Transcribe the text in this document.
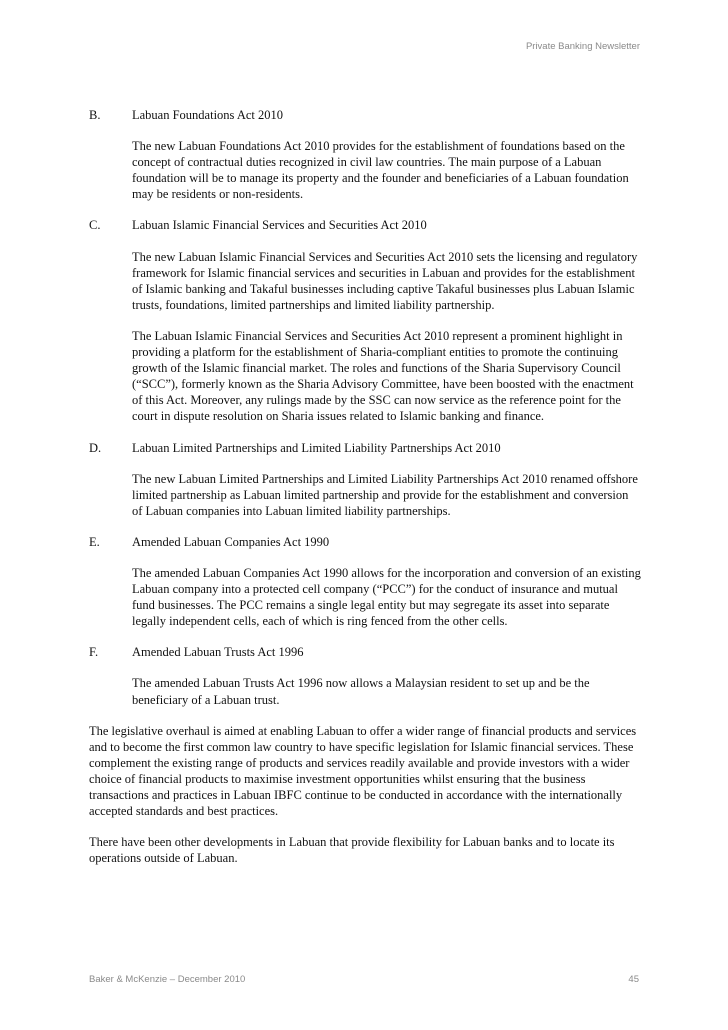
Private Banking Newsletter
B.	Labuan Foundations Act 2010

The new Labuan Foundations Act 2010 provides for the establishment of foundations based on the concept of contractual duties recognized in civil law countries. The main purpose of a Labuan foundation will be to manage its property and the founder and beneficiaries of a Labuan foundation may be residents or non-residents.

C.	Labuan Islamic Financial Services and Securities Act 2010

The new Labuan Islamic Financial Services and Securities Act 2010 sets the licensing and regulatory framework for Islamic financial services and securities in Labuan and provides for the establishment of Islamic banking and Takaful businesses including captive Takaful businesses plus Labuan Islamic trusts, foundations, limited partnerships and limited liability partnership.

The Labuan Islamic Financial Services and Securities Act 2010 represent a prominent highlight in providing a platform for the establishment of Sharia-compliant entities to promote the continuing growth of the Islamic financial market. The roles and functions of the Sharia Supervisory Council (“SCC”), formerly known as the Sharia Advisory Committee, have been boosted with the enactment of this Act. Moreover, any rulings made by the SSC can now service as the reference point for the court in dispute resolution on Sharia issues related to Islamic banking and finance.

D.	Labuan Limited Partnerships and Limited Liability Partnerships Act 2010

The new Labuan Limited Partnerships and Limited Liability Partnerships Act 2010 renamed offshore limited partnership as Labuan limited partnership and provide for the establishment and conversion of Labuan companies into Labuan limited liability partnerships.

E.	Amended Labuan Companies Act 1990

The amended Labuan Companies Act 1990 allows for the incorporation and conversion of an existing Labuan company into a protected cell company (“PCC”) for the conduct of insurance and mutual fund businesses. The PCC remains a single legal entity but may segregate its asset into separate legally independent cells, each of which is ring fenced from the other cells.

F.	Amended Labuan Trusts Act 1996

The amended Labuan Trusts Act 1996 now allows a Malaysian resident to set up and be the beneficiary of a Labuan trust.

The legislative overhaul is aimed at enabling Labuan to offer a wider range of financial products and services and to become the first common law country to have specific legislation for Islamic financial services. These complement the existing range of products and services readily available and provide investors with a wider choice of financial products to maximise investment opportunities whilst ensuring that the business transactions and practices in Labuan IBFC continue to be conducted in accordance with the internationally accepted standards and best practices.

There have been other developments in Labuan that provide flexibility for Labuan banks and to locate its operations outside of Labuan.

Baker & McKenzie – December 2010	45
